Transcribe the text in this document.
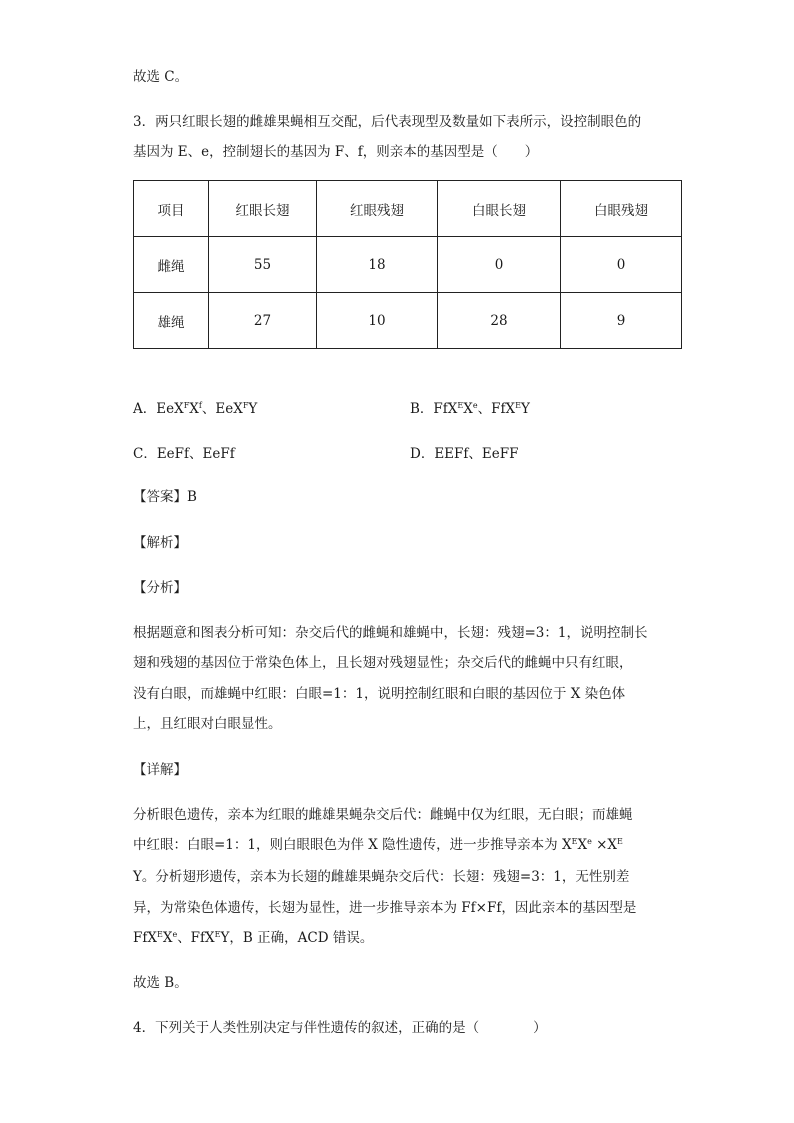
故选 C。
3．两只红眼长翅的雌雄果蝇相互交配，后代表现型及数量如下表所示，设控制眼色的
基因为 E、e，控制翅长的基因为 F、f，则亲本的基因型是（　　）
项目	红眼长翅	红眼残翅	白眼长翅	白眼残翅
雌绳	55	18	0	0
雄绳	27	10	28	9
A．$EeX^FX^f$、EeX$^F$Y	B．FfX$^E$Xe、FfX$^E$Y
C．EeFf、EeFf	D．EEFf、EeFF
【答案】B
【解析】
【分析】
根据题意和图表分析可知：杂交后代的雌蝇和雄蝇中，长翅：残翅=3：1，说明控制长
翅和残翅的基因位于常染色体上，且长翅对残翅显性；杂交后代的雌蝇中只有红眼，
没有白眼，而雄蝇中红眼：白眼=1：1，说明控制红眼和白眼的基因位于 X 染色体
上，且红眼对白眼显性。
【详解】
分析眼色遗传，亲本为红眼的雌雄果蝇杂交后代：雌蝇中仅为红眼，无白眼；而雄蝇
中红眼：白眼=1：1，则白眼眼色为伴 X 隐性遗传，进一步推导亲本为 $X^EX^e \times X^E$
Y。分析翅形遗传，亲本为长翅的雌雄果蝇杂交后代：长翅：残翅=3：1，无性别差
异，为常染色体遗传，长翅为显性，进一步推导亲本为 Ff×Ff，因此亲本的基因型是
FfX$^E$Xe、FfX$^E$Y，B 正确，ACD 错误。
故选 B。
4．下列关于人类性别决定与伴性遗传的叙述，正确的是（　　　　）
